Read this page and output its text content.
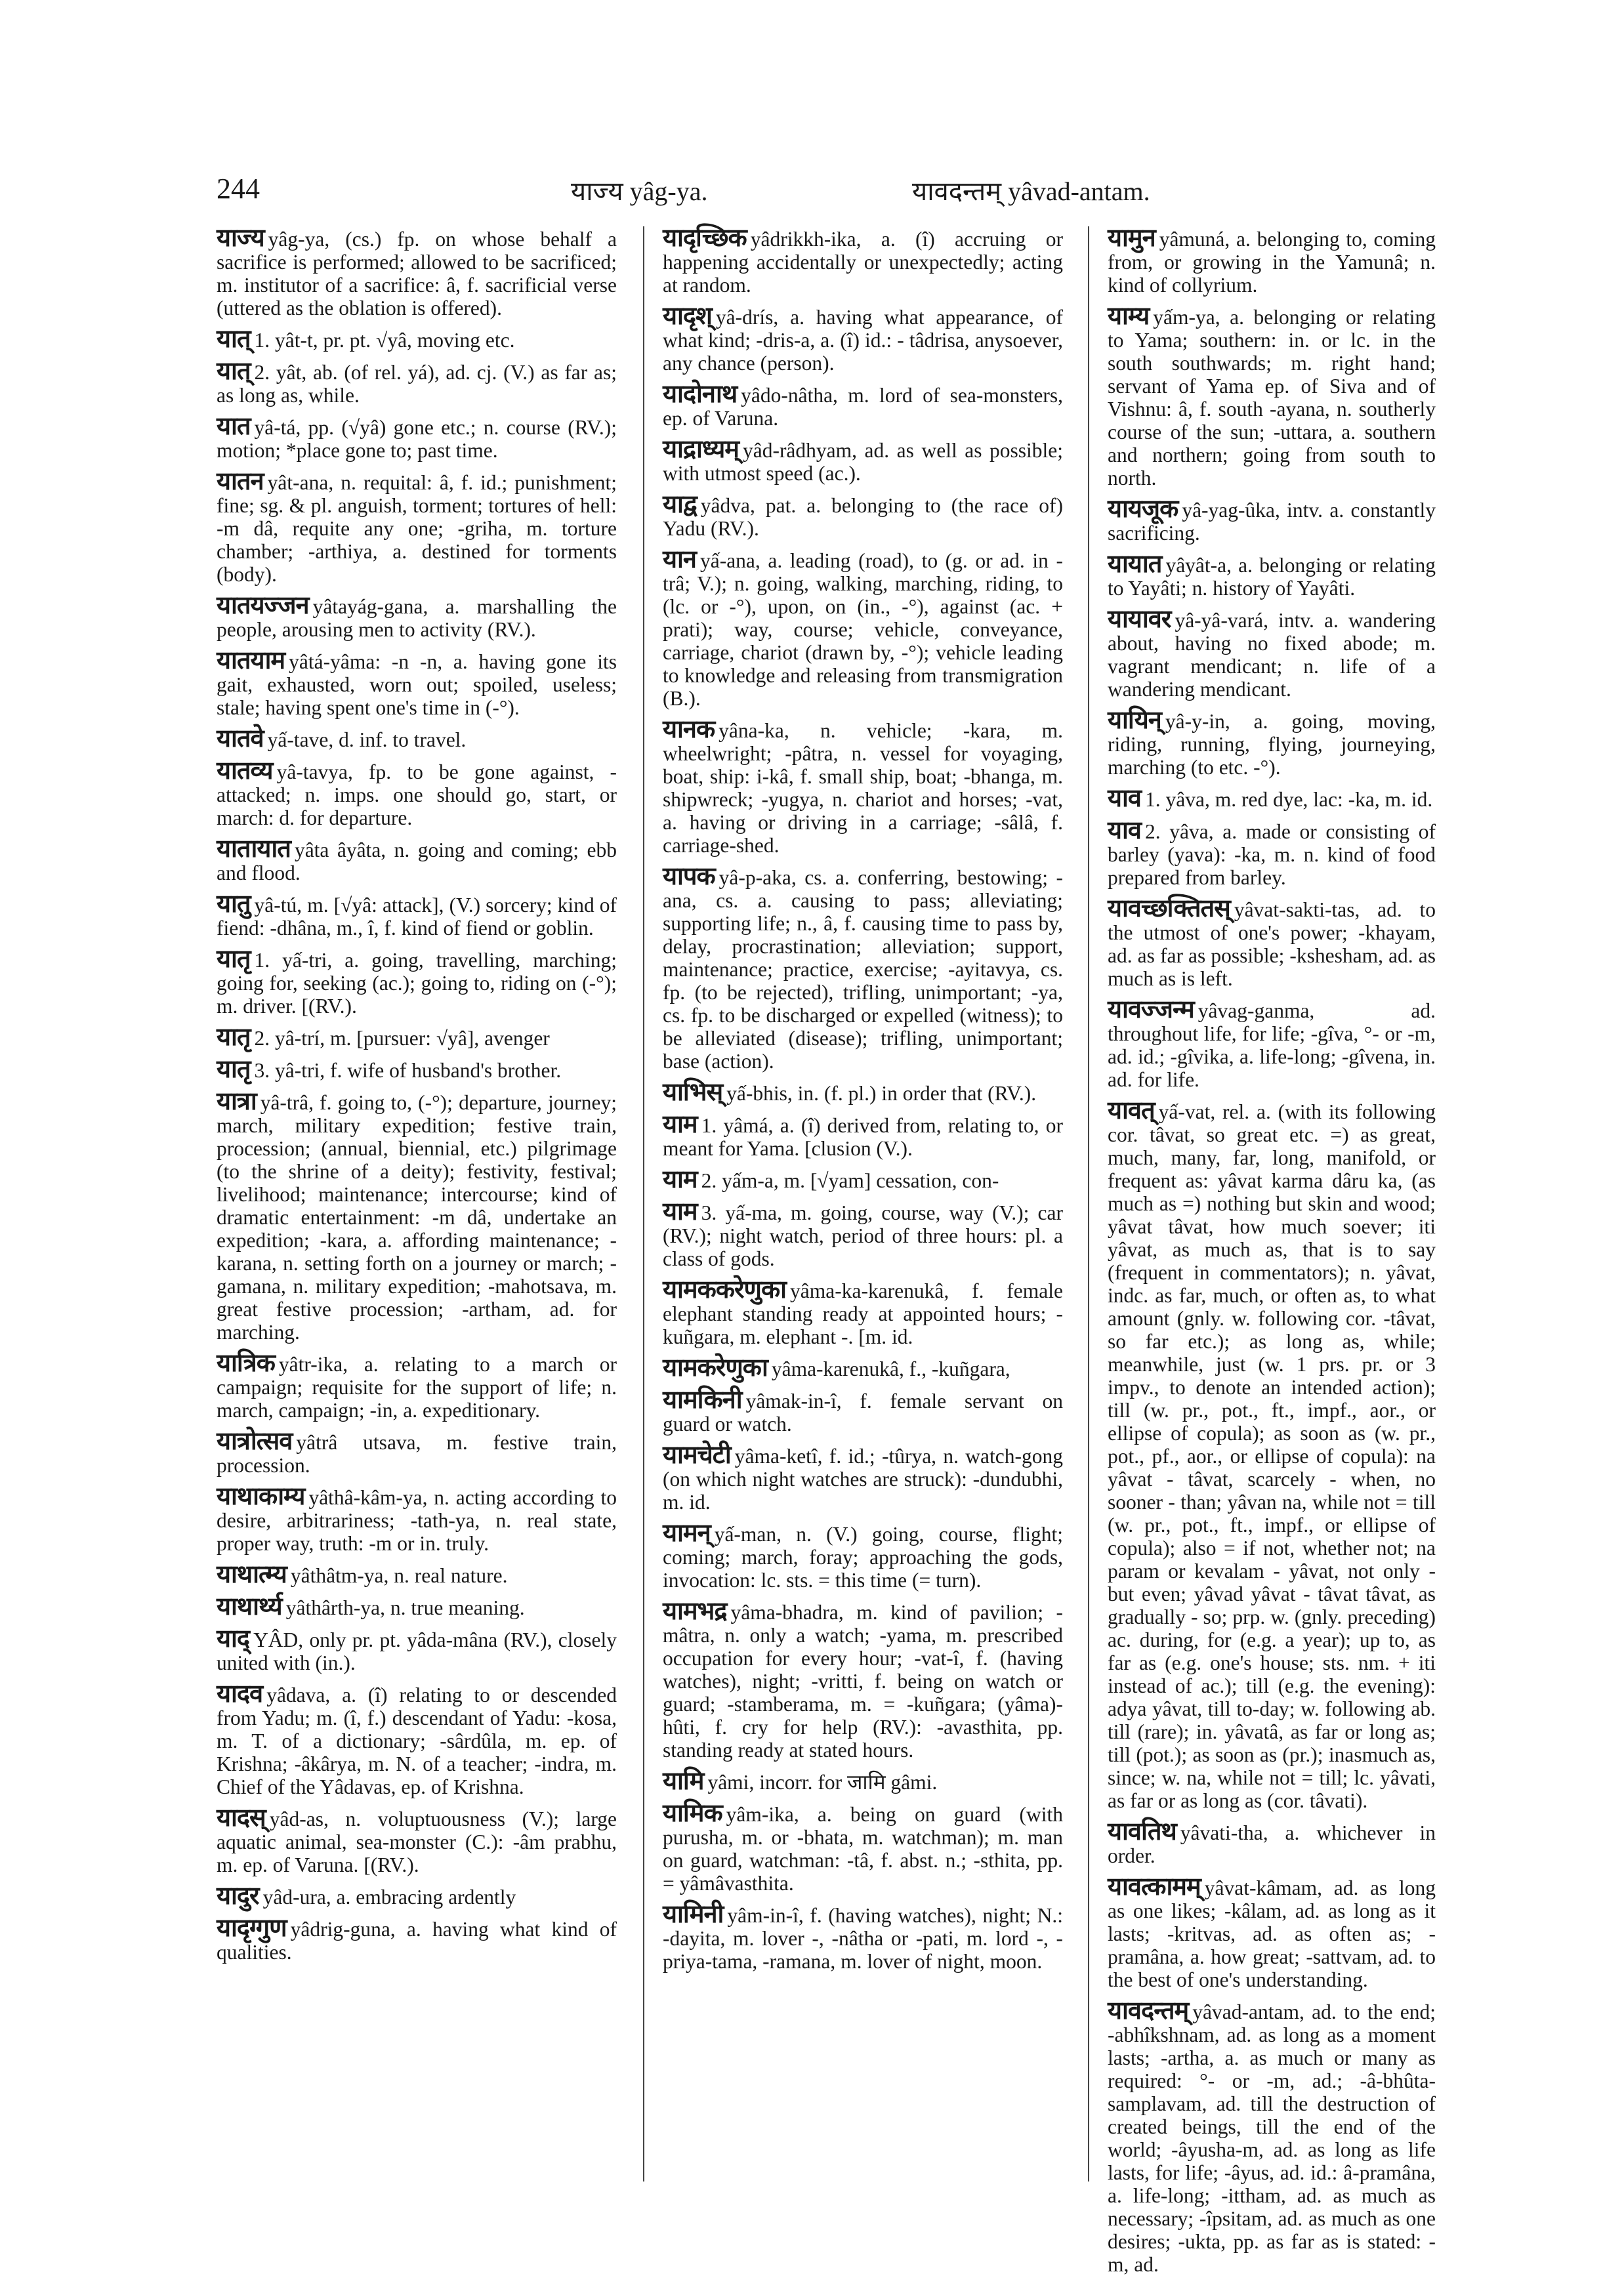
244	याज्य yâg-ya.	यावदन्तम् yâvad-antam.

याज्य yâg-ya, (cs.) fp. on whose behalf a sacrifice is performed; allowed to be sacrificed; m. institutor of a sacrifice: â, f. sacrificial verse (uttered as the oblation is offered).

यात् 1. yât-t, pr. pt. √yâ, moving etc.

यात् 2. yât, ab. (of rel. yá), ad. cj. (V.) as far as; as long as, while.

यात yâ-tá, pp. (√yâ) gone etc.; n. course (RV.); motion; *place gone to; past time.

यातन yât-ana, n. requital: â, f. id.; punishment; fine; sg. & pl. anguish, torment; tortures of hell: -m dâ, requite any one; -griha, m. torture chamber; -arthiya, a. destined for torments (body).

यातयज्जन yâtayág-gana, a. marshalling the people, arousing men to activity (RV.).

यातयाम yâtá-yâma: -n -n, a. having gone its gait, exhausted, worn out; spoiled, useless; stale; having spent one's time in (-°).

यातवे yấ-tave, d. inf. to travel.

यातव्य yâ-tavya, fp. to be gone against, -attacked; n. imps. one should go, start, or march: d. for departure.

यातायात yâta âyâta, n. going and coming; ebb and flood.

यातु yâ-tú, m. [√yâ: attack], (V.) sorcery; kind of fiend: -dhâna, m., î, f. kind of fiend or goblin.

यातृ 1. yấ-tri, a. going, travelling, marching; going for, seeking (ac.); going to, riding on (-°); m. driver. [(RV.).

यातृ 2. yâ-trí, m. [pursuer: √yâ], avenger

यातृ 3. yâ-tri, f. wife of husband's brother.

यात्रा yâ-trâ, f. going to, (-°); departure, journey; march, military expedition; festive train, procession; (annual, biennial, etc.) pilgrimage (to the shrine of a deity); festivity, festival; livelihood; maintenance; intercourse; kind of dramatic entertainment: -m dâ, undertake an expedition; -kara, a. affording maintenance; -karana, n. setting forth on a journey or march; -gamana, n. military expedition; -mahotsava, m. great festive procession; -artham, ad. for marching.

यात्रिक yâtr-ika, a. relating to a march or campaign; requisite for the support of life; n. march, campaign; -in, a. expeditionary.

यात्रोत्सव yâtrâ utsava, m. festive train, procession.

याथाकाम्य yâthâ-kâm-ya, n. acting according to desire, arbitrariness; -tath-ya, n. real state, proper way, truth: -m or in. truly.

याथात्म्य yâthâtm-ya, n. real nature.

याथार्थ्य yâthârth-ya, n. true meaning.

याद् YÂD, only pr. pt. yâda-mâna (RV.), closely united with (in.).

यादव yâdava, a. (î) relating to or descended from Yadu; m. (î, f.) descendant of Yadu: -kosa, m. T. of a dictionary; -sârdûla, m. ep. of Krishna; -âkârya, m. N. of a teacher; -indra, m. Chief of the Yâdavas, ep. of Krishna.

यादस् yâd-as, n. voluptuousness (V.); large aquatic animal, sea-monster (C.): -âm prabhu, m. ep. of Varuna. [(RV.).

यादुर yâd-ura, a. embracing ardently

यादृग्गुण yâdrig-guna, a. having what kind of qualities.

यादृच्छिक yâdrikkh-ika, a. (î) accruing or happening accidentally or unexpectedly; acting at random.

यादृश् yâ-drís, a. having what appearance, of what kind; -dris-a, a. (î) id.: - tâdrisa, anysoever, any chance (person).

यादोनाथ yâdo-nâtha, m. lord of sea-monsters, ep. of Varuna.

याद्राध्यम् yâd-râdhyam, ad. as well as possible; with utmost speed (ac.).

याद्व yâdva, pat. a. belonging to (the race of) Yadu (RV.).

यान yấ-ana, a. leading (road), to (g. or ad. in -trâ; V.); n. going, walking, marching, riding, to (lc. or -°), upon, on (in., -°), against (ac. + prati); way, course; vehicle, conveyance, carriage, chariot (drawn by, -°); vehicle leading to knowledge and releasing from transmigration (B.).

यानक yâna-ka, n. vehicle; -kara, m. wheelwright; -pâtra, n. vessel for voyaging, boat, ship: i-kâ, f. small ship, boat; -bhanga, m. shipwreck; -yugya, n. chariot and horses; -vat, a. having or driving in a carriage; -sâlâ, f. carriage-shed.

यापक yâ-p-aka, cs. a. conferring, bestowing; -ana, cs. a. causing to pass; alleviating; supporting life; n., â, f. causing time to pass by, delay, procrastination; alleviation; support, maintenance; practice, exercise; -ayitavya, cs. fp. (to be rejected), trifling, unimportant; -ya, cs. fp. to be discharged or expelled (witness); to be alleviated (disease); trifling, unimportant; base (action).

याभिस् yấ-bhis, in. (f. pl.) in order that (RV.).

याम 1. yâmá, a. (î) derived from, relating to, or meant for Yama. [clusion (V.).

याम 2. yấm-a, m. [√yam] cessation, con-

याम 3. yấ-ma, m. going, course, way (V.); car (RV.); night watch, period of three hours: pl. a class of gods.

यामककरेणुका yâma-ka-karenukâ, f. female elephant standing ready at appointed hours; -kuñgara, m. elephant -. [m. id.

यामकरेणुका yâma-karenukâ, f., -kuñgara,

यामकिनी yâmak-in-î, f. female servant on guard or watch.

यामचेटी yâma-ketî, f. id.; -tûrya, n. watch-gong (on which night watches are struck): -dundubhi, m. id.

यामन् yấ-man, n. (V.) going, course, flight; coming; march, foray; approaching the gods, invocation: lc. sts. = this time (= turn).

यामभद्र yâma-bhadra, m. kind of pavilion; -mâtra, n. only a watch; -yama, m. prescribed occupation for every hour; -vat-î, f. (having watches), night; -vritti, f. being on watch or guard; -stamberama, m. = -kuñgara; (yâma)-hûti, f. cry for help (RV.): -avasthita, pp. standing ready at stated hours.

यामि yâmi, incorr. for जामि gâmi.

यामिक yâm-ika, a. being on guard (with purusha, m. or -bhata, m. watchman); m. man on guard, watchman: -tâ, f. abst. n.; -sthita, pp. = yâmâvasthita.

यामिनी yâm-in-î, f. (having watches), night; N.: -dayita, m. lover -, -nâtha or -pati, m. lord -, -priya-tama, -ramana, m. lover of night, moon.

यामुन yâmuná, a. belonging to, coming from, or growing in the Yamunâ; n. kind of collyrium.

याम्य yấm-ya, a. belonging or relating to Yama; southern: in. or lc. in the south southwards; m. right hand; servant of Yama ep. of Siva and of Vishnu: â, f. south -ayana, n. southerly course of the sun; -uttara, a. southern and northern; going from south to north.

यायजूक yâ-yag-ûka, intv. a. constantly sacrificing.

यायात yâyât-a, a. belonging or relating to Yayâti; n. history of Yayâti.

यायावर yâ-yâ-vará, intv. a. wandering about, having no fixed abode; m. vagrant mendicant; n. life of a wandering mendicant.

यायिन् yâ-y-in, a. going, moving, riding, running, flying, journeying, marching (to etc. -°).

याव 1. yâva, m. red dye, lac: -ka, m. id.

याव 2. yâva, a. made or consisting of barley (yava): -ka, m. n. kind of food prepared from barley.

यावच्छक्तितस् yâvat-sakti-tas, ad. to the utmost of one's power; -khayam, ad. as far as possible; -kshesham, ad. as much as is left.

यावज्जन्म yâvag-ganma, ad. throughout life, for life; -gîva, °- or -m, ad. id.; -gîvika, a. life-long; -gîvena, in. ad. for life.

यावत् yấ-vat, rel. a. (with its following cor. tâvat, so great etc. =) as great, much, many, far, long, manifold, or frequent as: yâvat karma dâru ka, (as much as =) nothing but skin and wood; yâvat tâvat, how much soever; iti yâvat, as much as, that is to say (frequent in commentators); n. yâvat, indc. as far, much, or often as, to what amount (gnly. w. following cor. -tâvat, so far etc.); as long as, while; meanwhile, just (w. 1 prs. pr. or 3 impv., to denote an intended action); till (w. pr., pot., ft., impf., aor., or ellipse of copula); as soon as (w. pr., pot., pf., aor., or ellipse of copula): na yâvat - tâvat, scarcely - when, no sooner - than; yâvan na, while not = till (w. pr., pot., ft., impf., or ellipse of copula); also = if not, whether not; na param or kevalam - yâvat, not only - but even; yâvad yâvat - tâvat tâvat, as gradually - so; prp. w. (gnly. preceding) ac. during, for (e.g. a year); up to, as far as (e.g. one's house; sts. nm. + iti instead of ac.); till (e.g. the evening): adya yâvat, till to-day; w. following ab. till (rare); in. yâvatâ, as far or long as; till (pot.); as soon as (pr.); inasmuch as, since; w. na, while not = till; lc. yâvati, as far or as long as (cor. tâvati).

यावतिथ yâvati-tha, a. whichever in order.

यावत्कामम् yâvat-kâmam, ad. as long as one likes; -kâlam, ad. as long as it lasts; -kritvas, ad. as often as; -pramâna, a. how great; -sattvam, ad. to the best of one's understanding.

यावदन्तम् yâvad-antam, ad. to the end; -abhîkshnam, ad. as long as a moment lasts; -artha, a. as much or many as required: °- or -m, ad.; -â-bhûta-samplavam, ad. till the destruction of created beings, till the end of the world; -âyusha-m, ad. as long as life lasts, for life; -âyus, ad. id.: â-pramâna, a. life-long; -ittham, ad. as much as necessary; -îpsitam, ad. as much as one desires; -ukta, pp. as far as is stated: -m, ad.
